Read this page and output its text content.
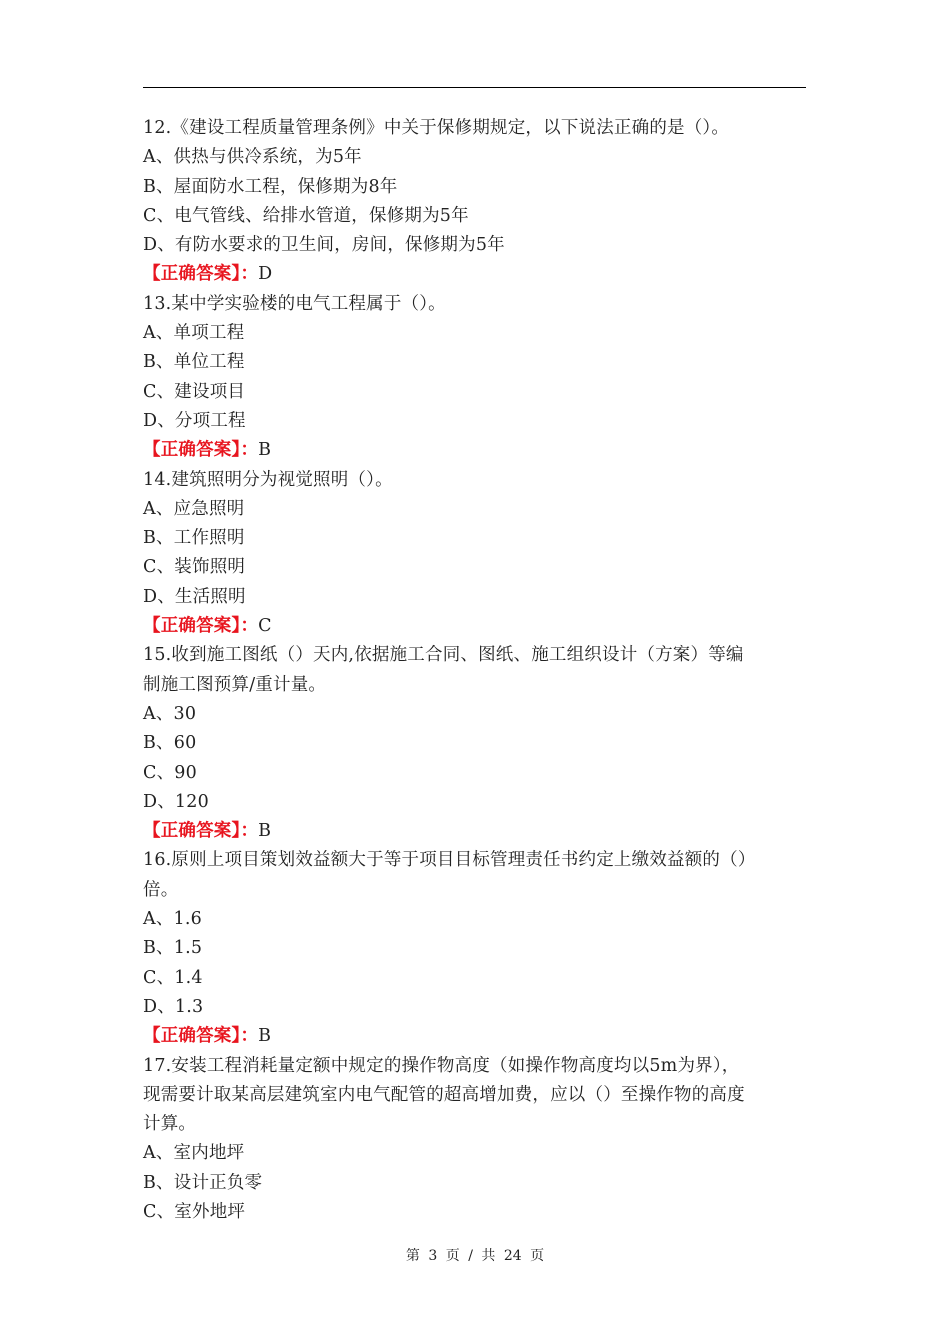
12.《建设工程质量管理条例》中关于保修期规定，以下说法正确的是（）。
A、供热与供冷系统，为5年
B、屋面防水工程，保修期为8年
C、电气管线、给排水管道，保修期为5年
D、有防水要求的卫生间，房间，保修期为5年
【正确答案】：D
13.某中学实验楼的电气工程属于（）。
A、单项工程
B、单位工程
C、建设项目
D、分项工程
【正确答案】：B
14.建筑照明分为视觉照明（）。
A、应急照明
B、工作照明
C、装饰照明
D、生活照明
【正确答案】：C
15.收到施工图纸（）天内,依据施工合同、图纸、施工组织设计（方案）等编
制施工图预算/重计量。
A、30
B、60
C、90
D、120
【正确答案】：B
16.原则上项目策划效益额大于等于项目目标管理责任书约定上缴效益额的（）
倍。
A、1.6
B、1.5
C、1.4
D、1.3
【正确答案】：B
17.安装工程消耗量定额中规定的操作物高度（如操作物高度均以5m为界），
现需要计取某高层建筑室内电气配管的超高增加费，应以（）至操作物的高度
计算。
A、室内地坪
B、设计正负零
C、室外地坪
第 3 页 / 共 24 页
